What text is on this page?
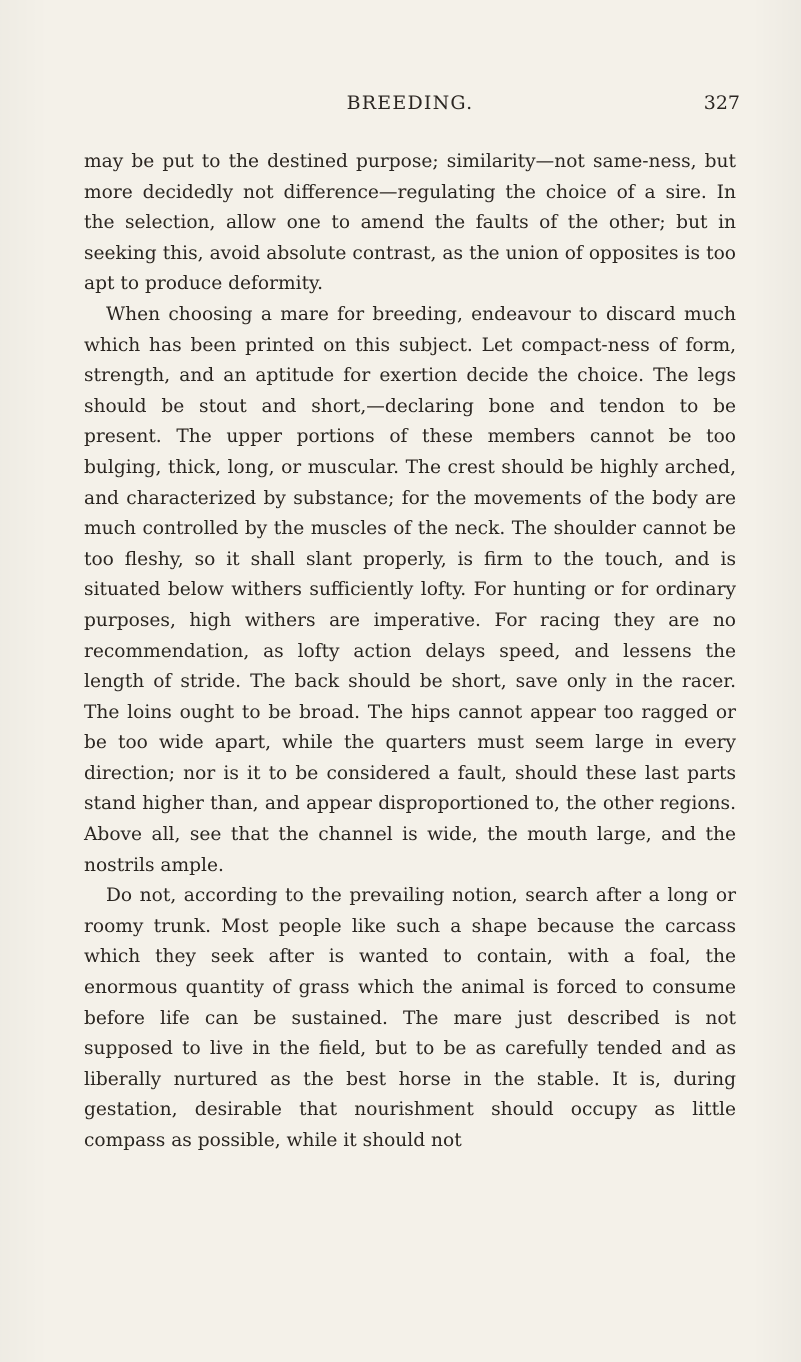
BREEDING.	327

may be put to the destined purpose; similarity—not same-ness, but more decidedly not difference—regulating the choice of a sire. In the selection, allow one to amend the faults of the other; but in seeking this, avoid absolute contrast, as the union of opposites is too apt to produce deformity.

When choosing a mare for breeding, endeavour to discard much which has been printed on this subject. Let compact-ness of form, strength, and an aptitude for exertion decide the choice. The legs should be stout and short,—declaring bone and tendon to be present. The upper portions of these members cannot be too bulging, thick, long, or muscular. The crest should be highly arched, and characterized by substance; for the movements of the body are much controlled by the muscles of the neck. The shoulder cannot be too fleshy, so it shall slant properly, is firm to the touch, and is situated below withers sufficiently lofty. For hunting or for ordinary purposes, high withers are imperative. For racing they are no recommendation, as lofty action delays speed, and lessens the length of stride. The back should be short, save only in the racer. The loins ought to be broad. The hips cannot appear too ragged or be too wide apart, while the quarters must seem large in every direction; nor is it to be considered a fault, should these last parts stand higher than, and appear disproportioned to, the other regions. Above all, see that the channel is wide, the mouth large, and the nostrils ample.

Do not, according to the prevailing notion, search after a long or roomy trunk. Most people like such a shape because the carcass which they seek after is wanted to contain, with a foal, the enormous quantity of grass which the animal is forced to consume before life can be sustained. The mare just described is not supposed to live in the field, but to be as carefully tended and as liberally nurtured as the best horse in the stable. It is, during gestation, desirable that nourishment should occupy as little compass as possible, while it should not
